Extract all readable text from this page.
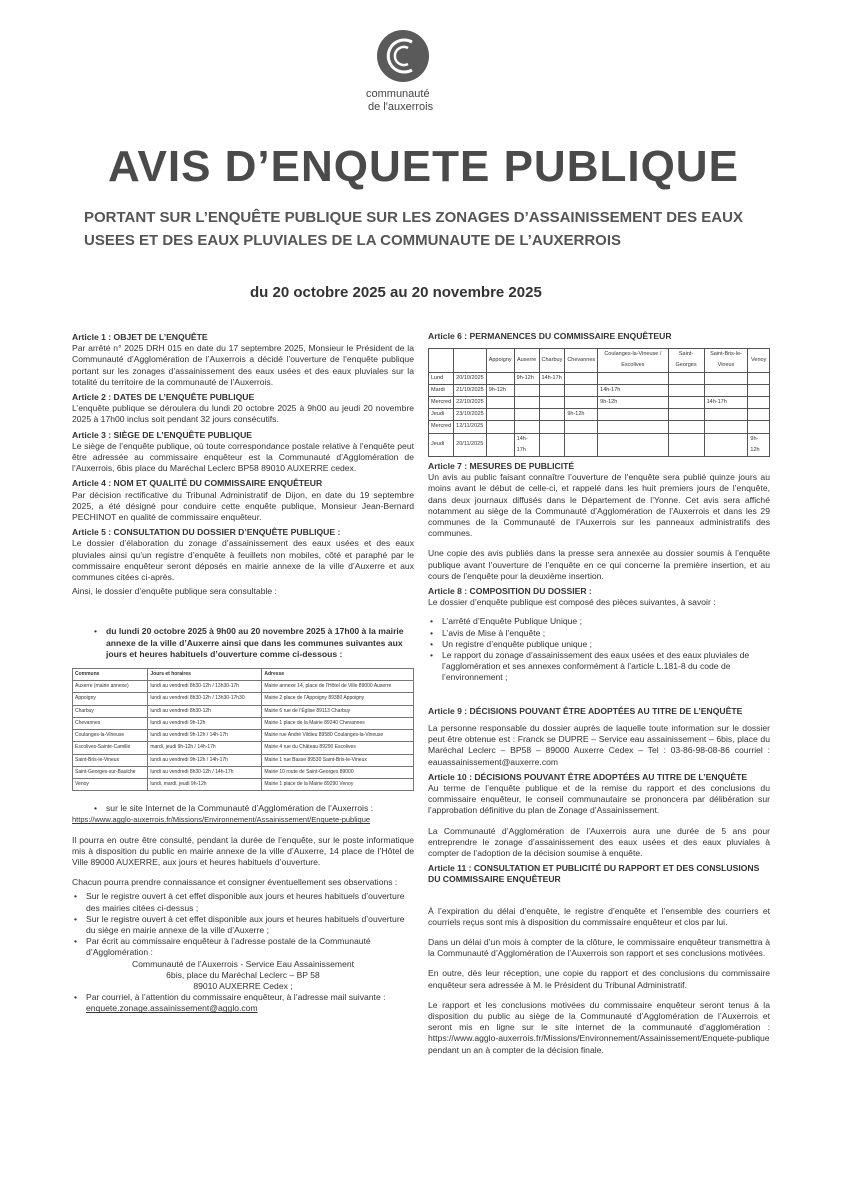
communauté
de l'auxerrois
AVIS D’ENQUETE PUBLIQUE
PORTANT SUR L’ENQUÊTE PUBLIQUE SUR LES ZONAGES D’ASSAINISSEMENT DES EAUX USEES ET DES EAUX PLUVIALES DE LA COMMUNAUTE DE L’AUXERROIS
du 20 octobre 2025 au 20 novembre 2025
Article 1 : OBJET DE L’ENQUÊTE

Par arrêté n° 2025 DRH 015 en date du 17 septembre 2025, Monsieur le Président de la Communauté d’Agglomération de l’Auxerrois a décidé l’ouverture de l’enquête publique portant sur les zonages d’assainissement des eaux usées et des eaux pluviales sur la totalité du territoire de la communauté de l’Auxerrois.

Article 2 : DATES DE L’ENQUÊTE PUBLIQUE

L’enquête publique se déroulera du lundi 20 octobre 2025 à 9h00 au jeudi 20 novembre 2025 à 17h00 inclus soit pendant 32 jours consécutifs.

Article 3 : SIÈGE DE L’ENQUÊTE PUBLIQUE

Le siège de l’enquête publique, où toute correspondance postale relative à l’enquête peut être adressée au commissaire enquêteur est la Communauté d’Agglomération de l’Auxerrois, 6bis place du Maréchal Leclerc BP58 89010 AUXERRE cedex.

Article 4 : NOM ET QUALITÉ DU COMMISSAIRE ENQUÊTEUR

Par décision rectificative du Tribunal Administratif de Dijon, en date du 19 septembre 2025, a été désigné pour conduire cette enquête publique, Monsieur Jean-Bernard PECHINOT en qualité de commissaire enquêteur.

Article 5 : CONSULTATION DU DOSSIER D’ENQUÊTE PUBLIQUE :

Le dossier d’élaboration du zonage d’assainissement des eaux usées et des eaux pluviales ainsi qu’un registre d’enquête à feuillets non mobiles, côté et paraphé par le commissaire enquêteur seront déposés en mairie annexe de la ville d’Auxerre et aux communes citées ci-après.

Ainsi, le dossier d’enquête publique sera consultable :

• du lundi 20 octobre 2025 à 9h00 au 20 novembre 2025 à 17h00 à la mairie annexe de la ville d’Auxerre ainsi que dans les communes suivantes aux jours et heures habituels d’ouverture comme ci-dessous :
Commune	Jours et horaires	Adresse
Auxerre (mairie annexe)	lundi au vendredi 8h30-12h / 13h30-17h	Mairie annexe 14, place de l’Hôtel de Ville 89000 Auxerre
Appoigny	lundi au vendredi 8h30-12h / 13h30-17h30	Mairie 2 place de l’Appoigny 89380 Appoigny
Charbuy	lundi au vendredi 8h30-12h	Mairie 6 rue de l’Église 89113 Charbuy
Chevannes	lundi au vendredi 9h-12h	Mairie 1 place de la Mairie 89240 Chevannes
Coulanges-la-Vineuse	lundi au vendredi 9h-12h / 14h-17h	Mairie rue André Vildieu 89580 Coulanges-la-Vineuse
Escolives-Sainte-Camille	mardi, jeudi 9h-12h / 14h-17h	Mairie 4 rue du Château 89290 Escolives
Saint-Bris-le-Vineux	lundi au vendredi 9h-12h / 14h-17h	Mairie 1 rue Basse 89530 Saint-Bris-le-Vineux
Saint-Georges-sur-Baulche	lundi au vendredi 8h30-12h / 14h-17h	Mairie 10 route de Saint-Georges 89000
Venoy	lundi, mardi, jeudi 9h-12h	Mairie 1 place de la Mairie 89290 Venoy
• sur le site Internet de la Communauté d’Agglomération de l’Auxerrois :

https://www.agglo-auxerrois.fr/Missions/Environnement/Assainissement/Enquete-publique

Il pourra en outre être consulté, pendant la durée de l’enquête, sur le poste informatique mis à disposition du public en mairie annexe de la ville d’Auxerre, 14 place de l’Hôtel de Ville 89000 AUXERRE, aux jours et heures habituels d’ouverture.

Chacun pourra prendre connaissance et consigner éventuellement ses observations :

• Sur le registre ouvert à cet effet disponible aux jours et heures habituels d’ouverture des mairies citées ci-dessus ;
• Sur le registre ouvert à cet effet disponible aux jours et heures habituels d’ouverture du siège en mairie annexe de la ville d’Auxerre ;
• Par écrit au commissaire enquêteur à l’adresse postale de la Communauté d’Agglomération :
Communauté de l’Auxerrois - Service Eau Assainissement
6bis, place du Maréchal Leclerc – BP 58
89010 AUXERRE Cedex ;
• Par courriel, à l’attention du commissaire enquêteur, à l’adresse mail suivante :
enquete.zonage.assainissement@agglo.com
Article 6 : PERMANENCES DU COMMISSAIRE ENQUÊTEUR
		Appoigny	Auxerre	Charbuy	Chevannes	Coulanges-la-Vineuse / Escolives	Saint-Georges	Saint-Bris-le-Vineux	Venoy
Lund	20/10/2025		9h-12h	14h-17h					
Mardi	21/10/2025	9h-12h				14h-17h			
Mercred	22/10/2025					9h-12h		14h-17h	
Jeudi	23/10/2025				9h-12h				
Mercred	12/11/2025								
Jeudi	20/11/2025		14h-17h						9h-12h
Article 7 : MESURES DE PUBLICITÉ

Un avis au public faisant connaître l’ouverture de l’enquête sera publié quinze jours au moins avant le début de celle-ci, et rappelé dans les huit premiers jours de l’enquête, dans deux journaux diffusés dans le Département de l’Yonne. Cet avis sera affiché notamment au siège de la Communauté d’Agglomération de l’Auxerrois et dans les 29 communes de la Communauté de l’Auxerrois sur les panneaux administratifs des communes.

Une copie des avis publiés dans la presse sera annexée au dossier soumis à l’enquête publique avant l’ouverture de l’enquête en ce qui concerne la première insertion, et au cours de l’enquête pour la deuxième insertion.

Article 8 : COMPOSITION DU DOSSIER :

Le dossier d’enquête publique est composé des pièces suivantes, à savoir :

• L’arrêté d’Enquête Publique Unique ;
• L’avis de Mise à l’enquête ;
• Un registre d’enquête publique unique ;
• Le rapport du zonage d’assainissement des eaux usées et des eaux pluviales de l’agglomération et ses annexes conformément à l’article L.181-8 du code de l’environnement ;
Article 9 : DÉCISIONS POUVANT ÊTRE ADOPTÉES AU TITRE DE L’ENQUÊTE

La personne responsable du dossier auprès de laquelle toute information sur le dossier peut être obtenue est : Franck se DUPRE – Service eau assainissement – 6bis, place du Maréchal Leclerc – BP58 – 89000 Auxerre Cedex – Tel : 03-86-98-08-86 courriel : eauassainissement@auxerre.com

Article 10 : DÉCISIONS POUVANT ÊTRE ADOPTÉES AU TITRE DE L’ENQUÊTE

Au terme de l’enquête publique et de la remise du rapport et des conclusions du commissaire enquêteur, le conseil communautaire se prononcera par délibération sur l’approbation définitive du plan de Zonage d’Assainissement.

La Communauté d’Agglomération de l’Auxerrois aura une durée de 5 ans pour entreprendre le zonage d’assainissement des eaux usées et des eaux pluviales à compter de l’adoption de la décision soumise à enquête.

Article 11 : CONSULTATION ET PUBLICITÉ DU RAPPORT ET DES CONSLUSIONS DU COMMISSAIRE ENQUÊTEUR

À l’expiration du délai d’enquête, le registre d’enquête et l’ensemble des courriers et courriels reçus sont mis à disposition du commissaire enquêteur et clos par lui.

Dans un délai d’un mois à compter de la clôture, le commissaire enquêteur transmettra à la Communauté d’Agglomération de l’Auxerrois son rapport et ses conclusions motivées.

En outre, dès leur réception, une copie du rapport et des conclusions du commissaire enquêteur sera adressée à M. le Président du Tribunal Administratif.

Le rapport et les conclusions motivées du commissaire enquêteur seront tenus à la disposition du public au siège de la Communauté d’Agglomération de l’Auxerrois et seront mis en ligne sur le site internet de la communauté d’agglomération : https://www.agglo-auxerrois.fr/Missions/Environnement/Assainissement/Enquete-publique pendant un an à compter de la décision finale.
